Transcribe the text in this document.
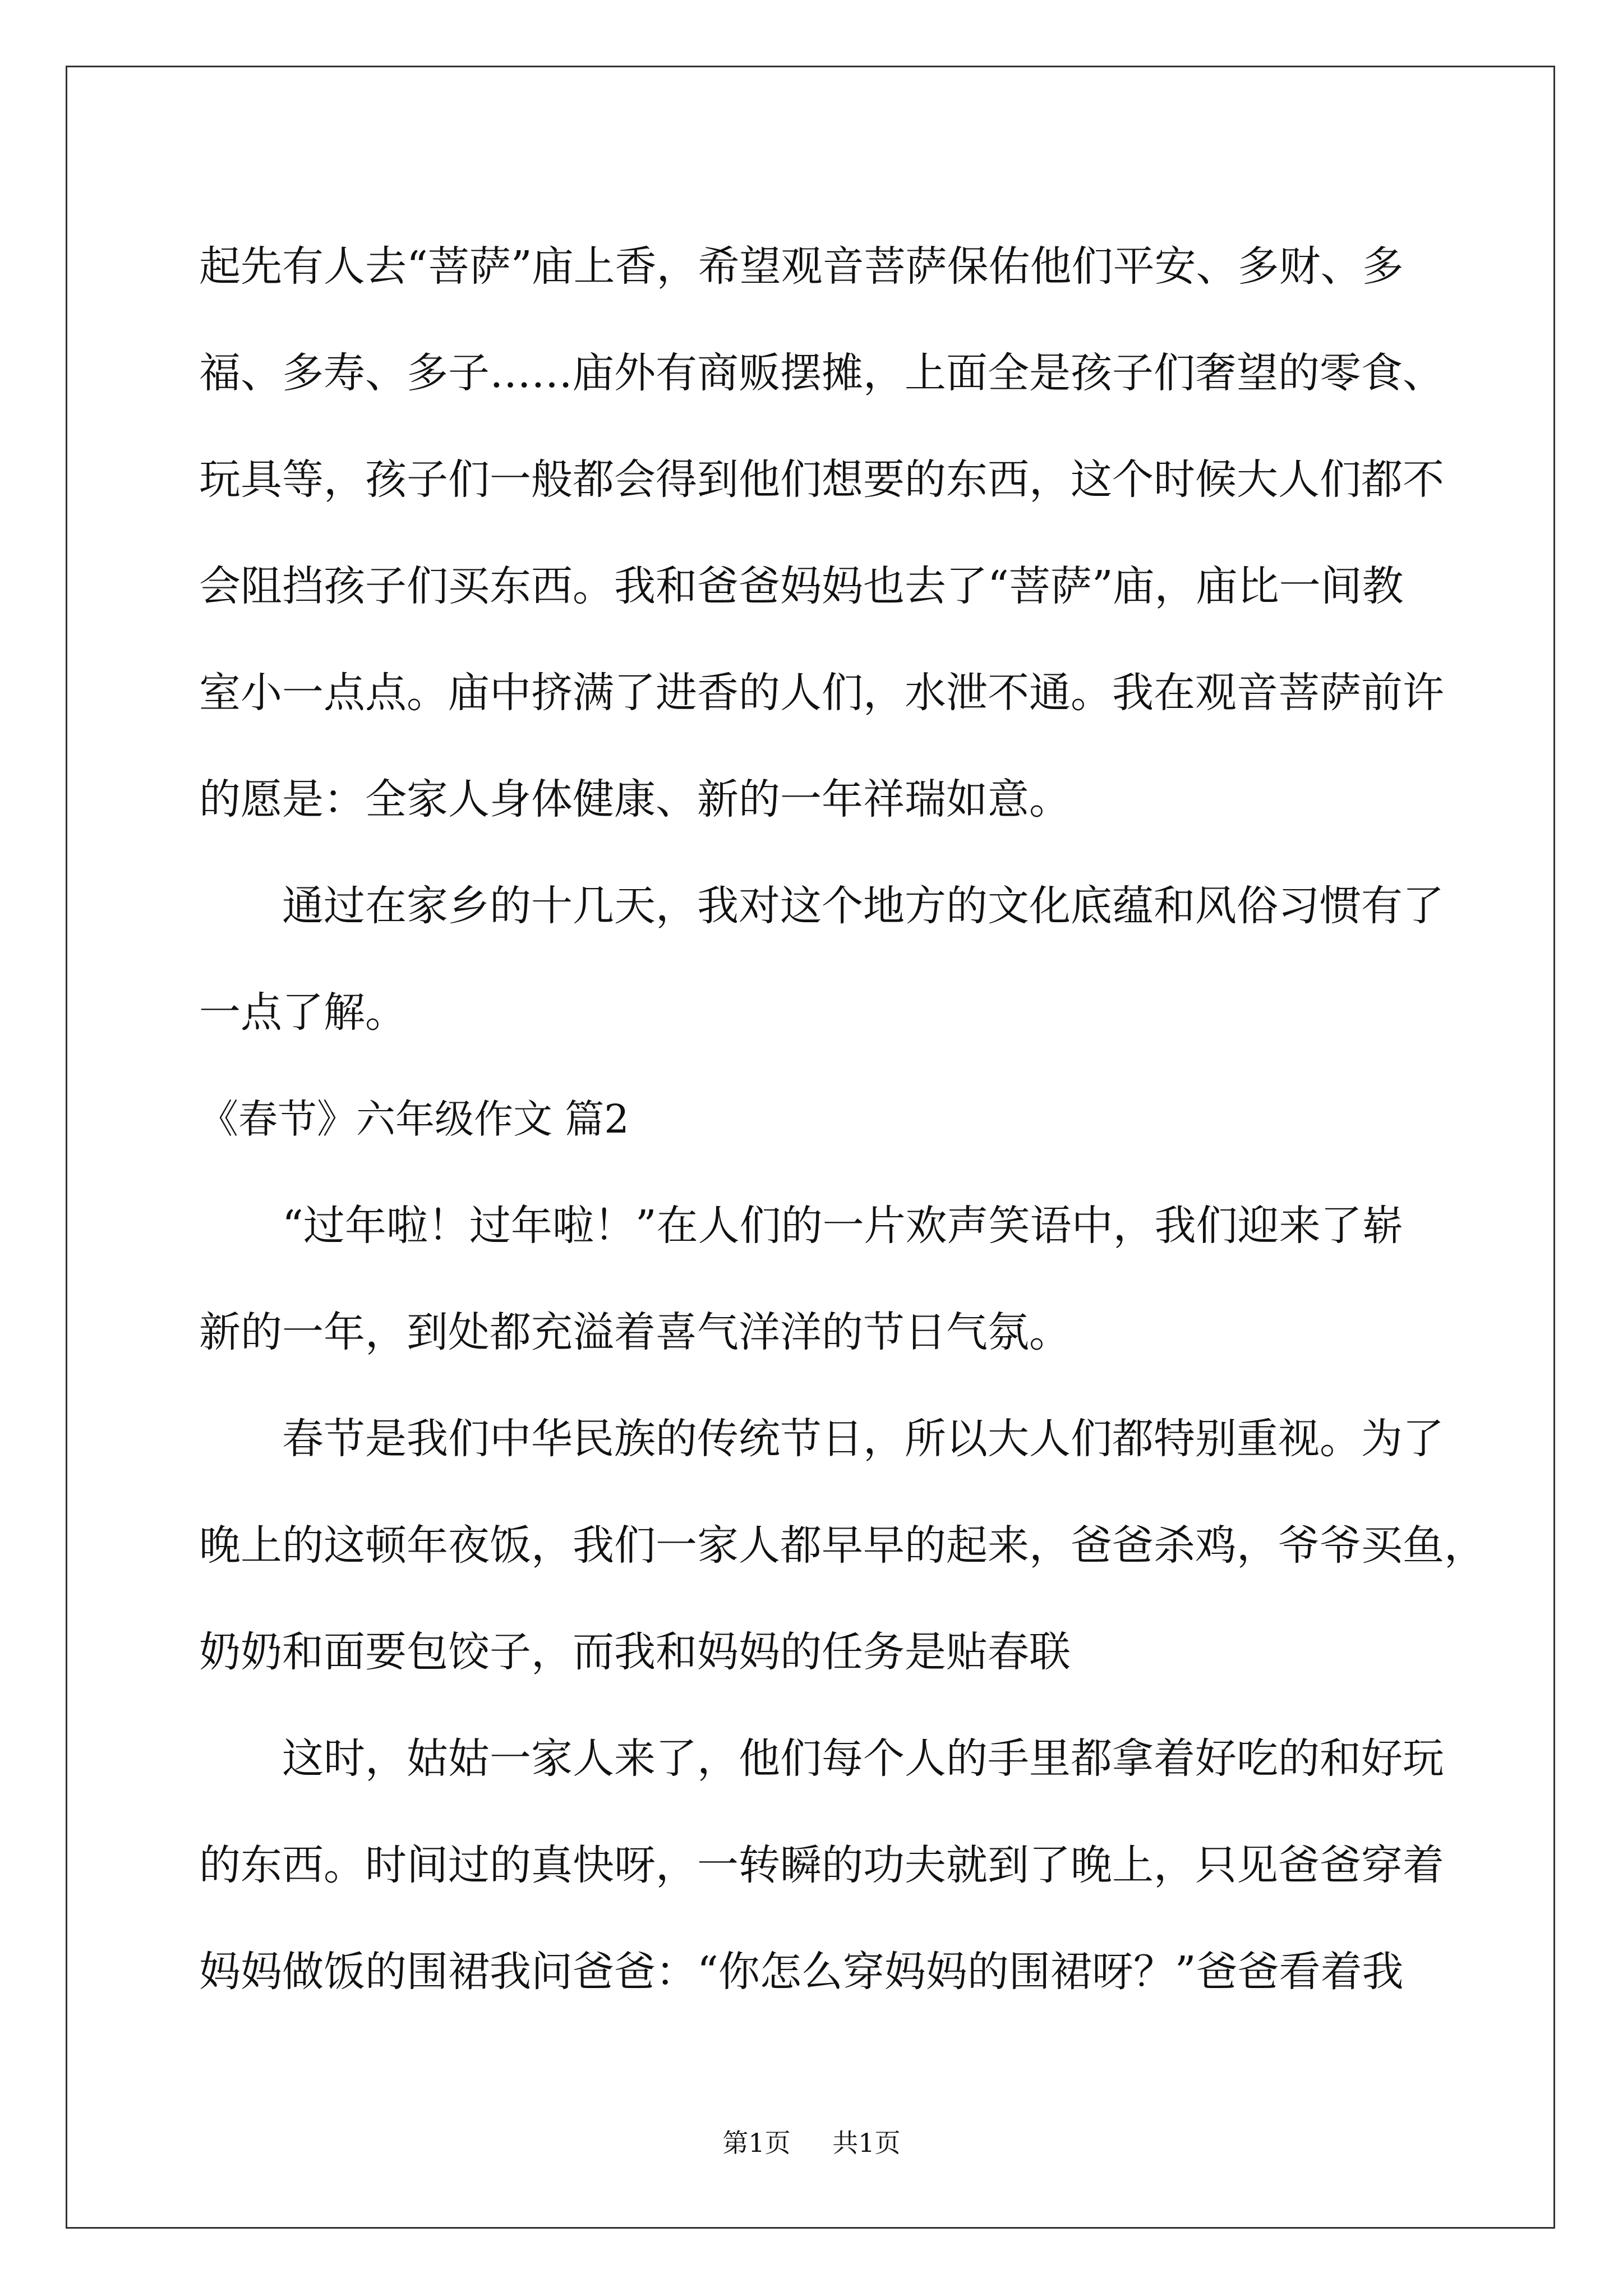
起先有人去“菩萨”庙上香，希望观音菩萨保佑他们平安、多财、多
福、多寿、多子……庙外有商贩摆摊，上面全是孩子们奢望的零食、
玩具等，孩子们一般都会得到他们想要的东西，这个时候大人们都不
会阻挡孩子们买东西。我和爸爸妈妈也去了“菩萨”庙，庙比一间教
室小一点点。庙中挤满了进香的人们，水泄不通。我在观音菩萨前许
的愿是：全家人身体健康、新的一年祥瑞如意。
通过在家乡的十几天，我对这个地方的文化底蕴和风俗习惯有了
一点了解。
《春节》六年级作文 篇2
“过年啦！过年啦！”在人们的一片欢声笑语中，我们迎来了崭
新的一年，到处都充溢着喜气洋洋的节日气氛。
春节是我们中华民族的传统节日，所以大人们都特别重视。为了
晚上的这顿年夜饭，我们一家人都早早的起来，爸爸杀鸡，爷爷买鱼，
奶奶和面要包饺子，而我和妈妈的任务是贴春联
这时，姑姑一家人来了，他们每个人的手里都拿着好吃的和好玩
的东西。时间过的真快呀，一转瞬的功夫就到了晚上，只见爸爸穿着
妈妈做饭的围裙我问爸爸：“你怎么穿妈妈的围裙呀？”爸爸看着我
第1页 共1页
